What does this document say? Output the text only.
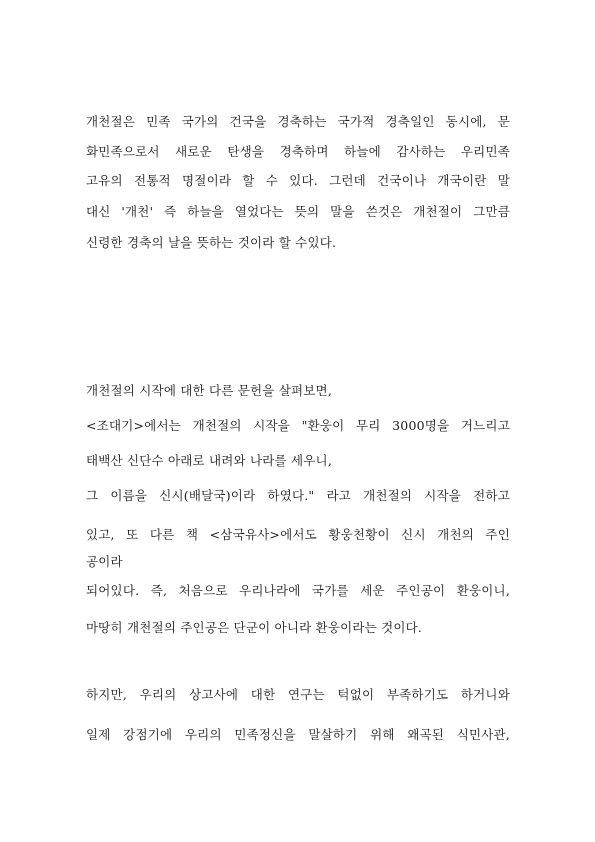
개천절은 민족 국가의 건국을 경축하는 국가적 경축일인 동시에, 문
화민족으로서 새로운 탄생을 경축하며 하늘에 감사하는 우리민족
고유의 전통적 명절이라 할 수 있다. 그런데 건국이나 개국이란 말
대신 '개천' 즉 하늘을 열었다는 뜻의 말을 쓴것은 개천절이 그만큼
신령한 경축의 날을 뜻하는 것이라 할 수있다.
개천절의 시작에 대한 다른 문헌을 살펴보면,
<조대기>에서는 개천절의 시작을 "환웅이 무리 3000명을 거느리고
태백산 신단수 아래로 내려와 나라를 세우니,
그 이름을 신시(배달국)이라 하였다." 라고 개천절의 시작을 전하고
있고, 또 다른 책 <삼국유사>에서도 황웅천황이 신시 개천의 주인
공이라
되어있다. 즉, 처음으로 우리나라에 국가를 세운 주인공이 환웅이니,
마땅히 개천절의 주인공은 단군이 아니라 환웅이라는 것이다.
하지만, 우리의 상고사에 대한 연구는 턱없이 부족하기도 하거니와
일제 강점기에 우리의 민족정신을 말살하기 위해 왜곡된 식민사관,
